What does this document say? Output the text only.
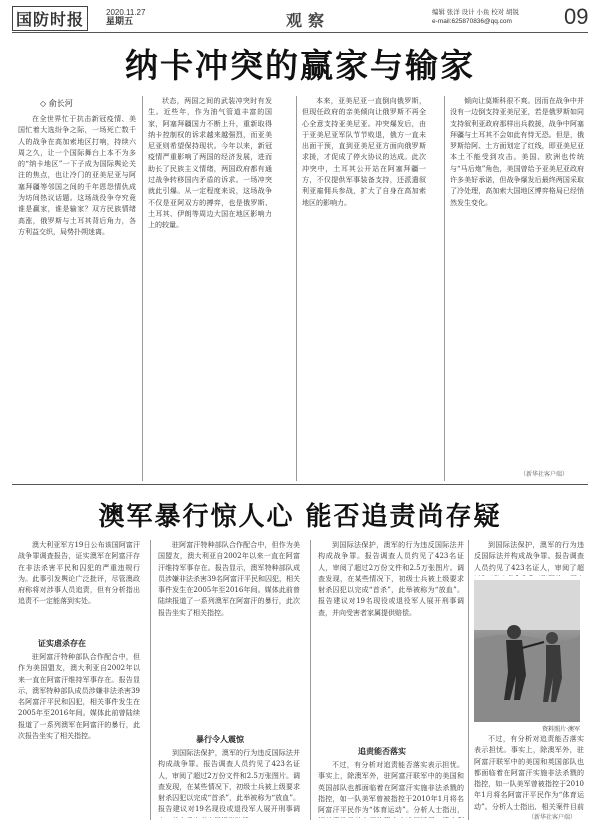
国防时报	2020.11.27
星期五	观察	编辑 张洋 设计 小鱼 校对 胡锐
e-mail:625870836@qq.com	09
纳卡冲突的赢家与输家
◇ 俞长河

在全世界忙于抗击新冠疫情、美国忙着大选纷争之际，一场死亡数千人的战争在高加索地区打响，持续六周之久，让一个国际舞台上本不为多的“纳卡地区”一下子成为国际舆论关注的焦点，也让冷门的亚美尼亚与阿塞拜疆等邻国之间的千年恩怨情仇成为坊间热议话题。这场战役争夺究竟谁是赢家，谁是输家？双方民族情绪高涨，俄罗斯与土耳其背后角力，各方利益交织，局势扑朔迷离。

状态，两国之间的武装冲突时有发生。近些年，作为油气管道丰富的国家，阿塞拜疆国力不断上升，重新取得纳卡控制权的诉求越来越强烈，而亚美尼亚则希望保持现状。今年以来，新冠疫情严重影响了两国的经济发展，进而助长了民族主义情绪，两国政府都有通过战争转移国内矛盾的诉求。一场冲突就此引爆。从一定程度来说，这场战争不仅是亚阿双方的搏弈，也是俄罗斯、土耳其、伊朗等周边大国在地区影响力上的较量。

本来，亚美尼亚一直倒向俄罗斯，但现任政府的亲美倾向让俄罗斯不再全心全意支持亚美尼亚。冲突爆发后，由于亚美尼亚军队节节败退，俄方一直未出面干预，直到亚美尼亚方面向俄罗斯求援，才促成了停火协议的达成。此次冲突中，土耳其公开站在阿塞拜疆一方，不仅提供军事装备支持，还派遣叙利亚雇佣兵参战，扩大了自身在高加索地区的影响力。

倾向让莫斯科很不爽。因而在战争中并没有一边倒支持亚美尼亚，若是俄罗斯如同支持叙利亚政府那样出兵救援，战争中阿塞拜疆与土耳其不会如此有恃无恐。但是，俄罗斯给阿、土方面划定了红线，即亚美尼亚本土不能受到攻击。美国、欧洲也传统与“马后炮”角色，美国曾给予亚美尼亚政府许多美好承诺，但战争爆发后最终两国采取了冷处理，高加索大国地区博弈格局已经悄然发生变化。

（新华社客户端）
澳军暴行惊人心 能否追责尚存疑

澳大利亚军方19日公布该国阿富汗战争罪调查报告，证实澳军在阿富汗存在非法杀害平民和囚犯的严重违规行为。此事引发舆论广泛批评，尽管澳政府称将对涉事人员追责，但有分析指出追责不一定能落到实处。

证实虐杀存在

驻阿富汗特种部队合作配合中，但作为美国盟友，澳大利亚自2002年以来一直在阿富汗维持军事存在。报告显示，澳军特种部队成员涉嫌非法杀害39名阿富汗平民和囚犯，相关事件发生在2005年至2016年间。媒体此前曾陆续报道了一系列澳军在阿富汗的暴行，此次报告坐实了相关指控。

驻阿富汗特种部队合作配合中，但作为美国盟友，澳大利亚自2002年以来一直在阿富汗维持军事存在。报告显示，澳军特种部队成员涉嫌非法杀害39名阿富汗平民和囚犯，相关事件发生在2005年至2016年间。媒体此前曾陆续报道了一系列澳军在阿富汗的暴行，此次报告坐实了相关指控。

暴行令人震惊

到国际法保护，澳军的行为违反国际法并构成战争罪。报告调查人员约见了423名证人，审阅了超过2万份文件和2.5万张图片。调查发现，在某些情况下，初级士兵被上级要求射杀囚犯以完成“首杀”，此举被称为“放血”。报告建议对19名现役或退役军人展开刑事调

到国际法保护，澳军的行为违反国际法并构成战争罪。报告调查人员约见了423名证人，审阅了超过2万份文件和2.5万张图片。调查发现，在某些情况下，初级士兵被上级要求射杀囚犯以完成“首杀”，此举被称为“放血”。报告建议对19名现役或退役军人展开刑事调查，并向受害者家属提供赔偿。

追责能否落实

不过，有分析对追责能否落实表示担忧。事实上，除澳军外，驻阿富汗联军中的美国和英国部队也都面临着在阿富汗实施非法杀戮的指控，如一队美军曾被指控于2010年1月将名阿富汗平民作为“体育运动”。分析人士指出，

到国际法保护，澳军的行为违反国际法并构成战争罪。报告调查人员约见了423名证人，审阅了超

资料照片·澳军

不过，有分析对追责能否落实表示担忧。事实上，除澳军外，驻阿富汗联军中的美国和英国部队也都面临着在阿富汗实施非法杀戮的指控，如一队美军曾被指控于2010年1月将名阿富汗平民作为“体育运动”。分析人士指出，相关案件目前

（新华社客户端）
